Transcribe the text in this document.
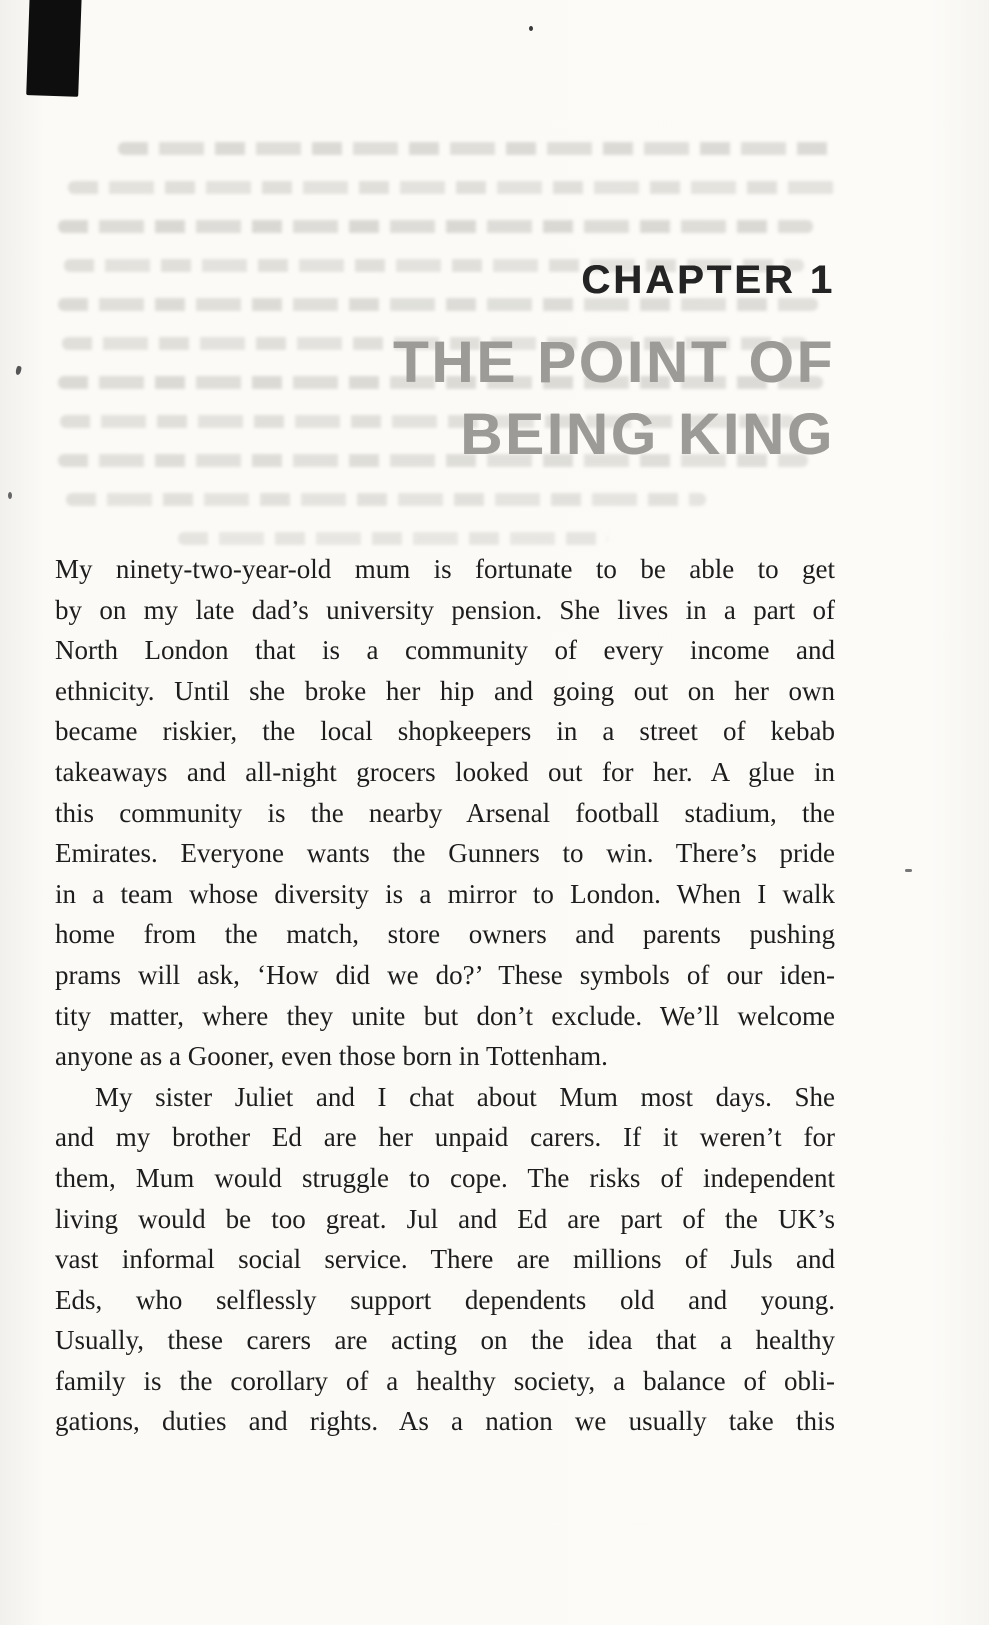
CHAPTER 1
THE POINT OF
BEING KING
My ninety-two-year-old mum is fortunate to be able to get
by on my late dad’s university pension. She lives in a part of
North London that is a community of every income and
ethnicity. Until she broke her hip and going out on her own
became riskier, the local shopkeepers in a street of kebab
takeaways and all-night grocers looked out for her. A glue in
this community is the nearby Arsenal football stadium, the
Emirates. Everyone wants the Gunners to win. There’s pride
in a team whose diversity is a mirror to London. When I walk
home from the match, store owners and parents pushing
prams will ask, ‘How did we do?’ These symbols of our iden-
tity matter, where they unite but don’t exclude. We’ll welcome
anyone as a Gooner, even those born in Tottenham.
My sister Juliet and I chat about Mum most days. She
and my brother Ed are her unpaid carers. If it weren’t for
them, Mum would struggle to cope. The risks of independent
living would be too great. Jul and Ed are part of the UK’s
vast informal social service. There are millions of Juls and
Eds, who selflessly support dependents old and young.
Usually, these carers are acting on the idea that a healthy
family is the corollary of a healthy society, a balance of obli-
gations, duties and rights. As a nation we usually take this
